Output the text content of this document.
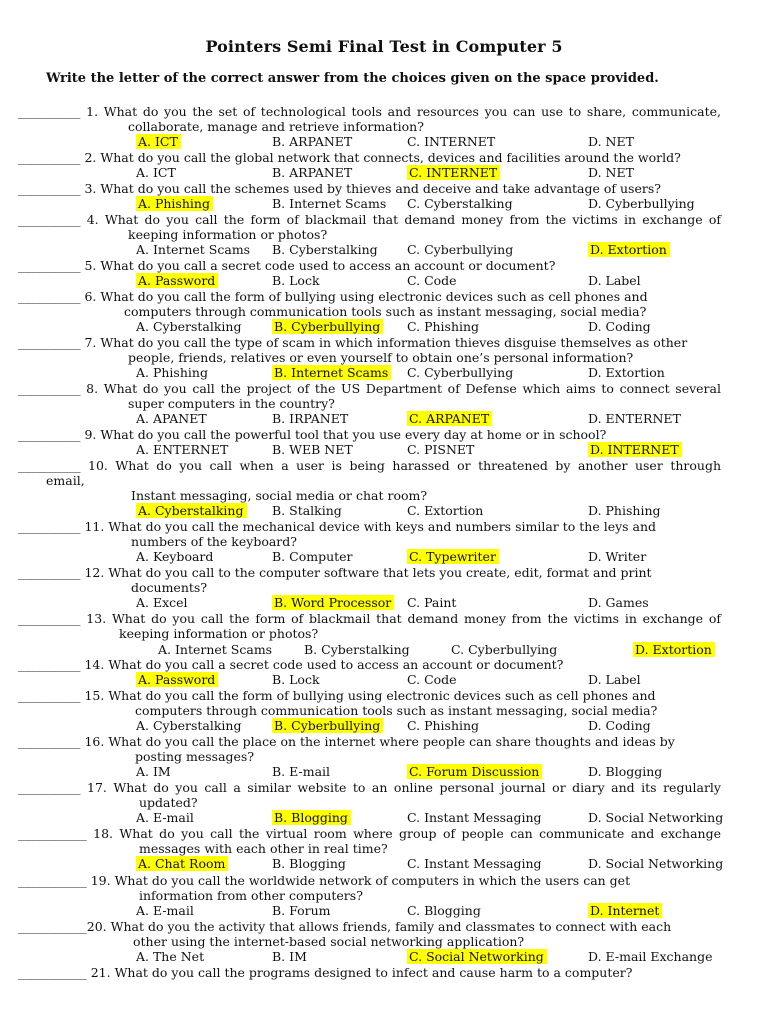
Pointers Semi Final Test in Computer 5
Write the letter of the correct answer from the choices given on the space provided.
__________ 1. What do you the set of technological tools and resources you can use to share, communicate,
collaborate, manage and retrieve information?
A. ICT	B. ARPANET	C. INTERNET	D. NET
__________ 2. What do you call the global network that connects, devices and facilities around the world?
A. ICT	B. ARPANET	C. INTERNET	D. NET
__________ 3. What do you call the schemes used by thieves and deceive and take advantage of users?
A. Phishing	B. Internet Scams C. Cyberstalking	D. Cyberbullying
__________ 4. What do you call the form of blackmail that demand money from the victims in exchange of
keeping information or photos?
A. Internet Scams B. Cyberstalking C. Cyberbullying	D. Extortion
__________ 5. What do you call a secret code used to access an account or document?
A. Password	B. Lock	C. Code	D. Label
__________ 6. What do you call the form of bullying using electronic devices such as cell phones and
computers through communication tools such as instant messaging, social media?
A. Cyberstalking	B. Cyberbullying C. Phishing	D. Coding
__________ 7. What do you call the type of scam in which information thieves disguise themselves as other
people, friends, relatives or even yourself to obtain one’s personal information?
A. Phishing	B. Internet Scams C. Cyberbullying	D. Extortion
__________ 8. What do you call the project of the US Department of Defense which aims to connect several
super computers in the country?
A. APANET	B. IRPANET	C. ARPANET	D. ENTERNET
__________ 9. What do you call the powerful tool that you use every day at home or in school?
A. ENTERNET	B. WEB NET	C. PISNET	D. INTERNET
__________ 10. What do you call when a user is being harassed or threatened by another user through
email,
Instant messaging, social media or chat room?
A. Cyberstalking B. Stalking	C. Extortion	D. Phishing
__________ 11. What do you call the mechanical device with keys and numbers similar to the leys and
numbers of the keyboard?
A. Keyboard	B. Computer	C. Typewriter	D. Writer
__________ 12. What do you call to the computer software that lets you create, edit, format and print
documents?
A. Excel	B. Word Processor C. Paint	D. Games
__________ 13. What do you call the form of blackmail that demand money from the victims in exchange of
keeping information or photos?
A. Internet Scams	B. Cyberstalking	C. Cyberbullying	D. Extortion
__________ 14. What do you call a secret code used to access an account or document?
A. Password	B. Lock	C. Code	D. Label
__________ 15. What do you call the form of bullying using electronic devices such as cell phones and
computers through communication tools such as instant messaging, social media?
A. Cyberstalking	B. Cyberbullying C. Phishing	D. Coding
__________ 16. What do you call the place on the internet where people can share thoughts and ideas by
posting messages?
A. IM	B. E-mail	C. Forum Discussion	D. Blogging
__________ 17. What do you call a similar website to an online personal journal or diary and its regularly
updated?
A. E-mail	B. Blogging	C. Instant Messaging	D. Social Networking
___________ 18. What do you call the virtual room where group of people can communicate and exchange
messages with each other in real time?
A. Chat Room	B. Blogging	C. Instant Messaging	D. Social Networking
___________ 19. What do you call the worldwide network of computers in which the users can get
information from other computers?
A. E-mail	B. Forum	C. Blogging	D. Internet
___________20. What do you the activity that allows friends, family and classmates to connect with each
other using the internet-based social networking application?
A. The Net	B. IM	C. Social Networking	D. E-mail Exchange
___________ 21. What do you call the programs designed to infect and cause harm to a computer?
